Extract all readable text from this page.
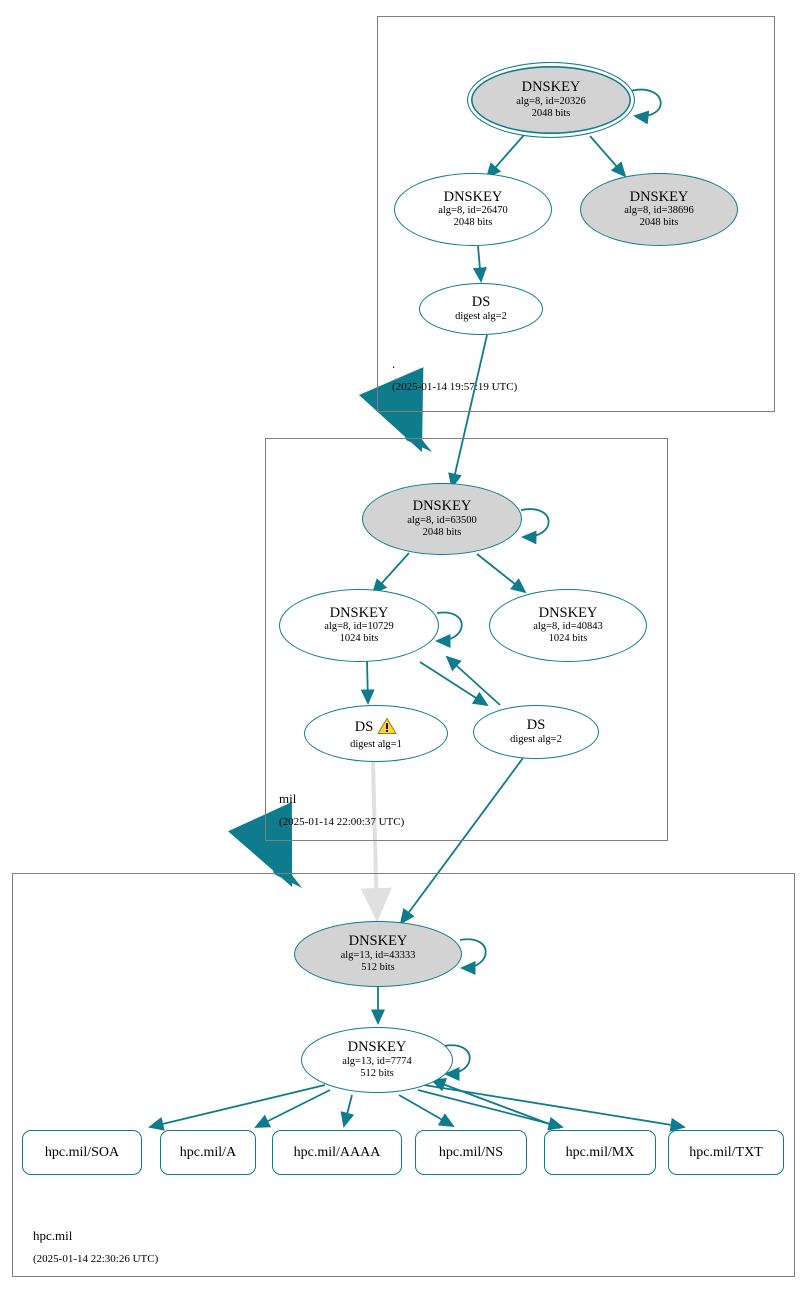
.
(2025-01-14 19:57:19 UTC)
mil
(2025-01-14 22:00:37 UTC)
hpc.mil
(2025-01-14 22:30:26 UTC)
DNSKEY
alg=8, id=20326
2048 bits
DNSKEY
alg=8, id=26470
2048 bits
DNSKEY
alg=8, id=38696
2048 bits
DS
digest alg=2
DNSKEY
alg=8, id=63500
2048 bits
DNSKEY
alg=8, id=10729
1024 bits
DNSKEY
alg=8, id=40843
1024 bits
DS
digest alg=1
DS
digest alg=2
DNSKEY
alg=13, id=43333
512 bits
DNSKEY
alg=13, id=7774
512 bits
hpc.mil/SOA	hpc.mil/A	hpc.mil/AAAA	hpc.mil/NS	hpc.mil/MX	hpc.mil/TXT
